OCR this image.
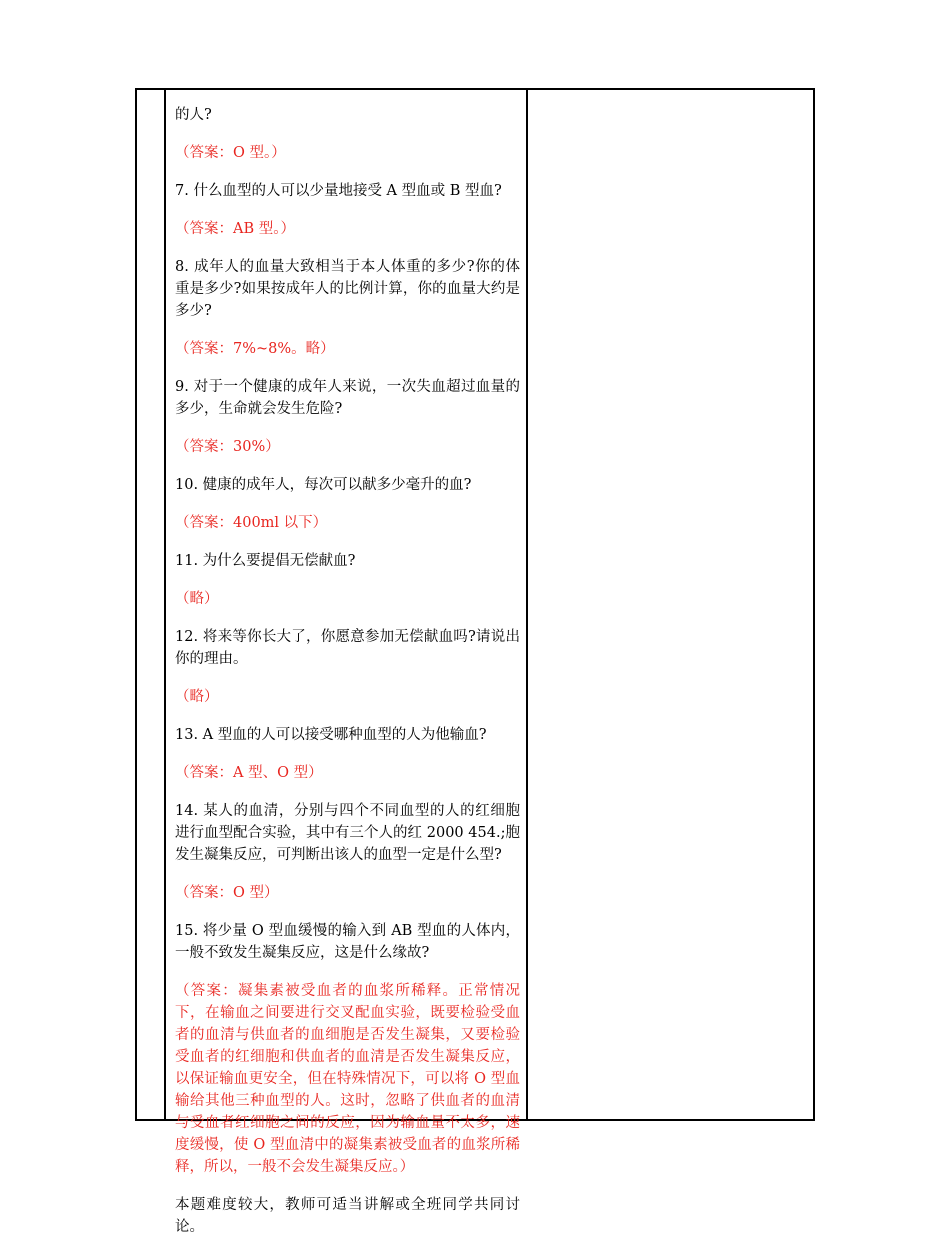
的人?

（答案：O 型。）

7. 什么血型的人可以少量地接受 A 型血或 B 型血?

（答案：AB 型。）

8. 成年人的血量大致相当于本人体重的多少?你的体重是多少?如果按成年人的比例计算，你的血量大约是多少?

（答案：7%~8%。略）

9. 对于一个健康的成年人来说，一次失血超过血量的多少，生命就会发生危险?

（答案：30%）

10. 健康的成年人，每次可以献多少毫升的血?

（答案：400ml 以下）

11. 为什么要提倡无偿献血?

（略）

12. 将来等你长大了，你愿意参加无偿献血吗?请说出你的理由。

（略）

13. A 型血的人可以接受哪种血型的人为他输血?

（答案：A 型、O 型）

14. 某人的血清，分别与四个不同血型的人的红细胞进行血型配合实验，其中有三个人的红 2000 454.;胞发生凝集反应，可判断出该人的血型一定是什么型?

（答案：O 型）

15. 将少量 O 型血缓慢的输入到 AB 型血的人体内，一般不致发生凝集反应，这是什么缘故?

（答案：凝集素被受血者的血浆所稀释。正常情况下，在输血之间要进行交叉配血实验，既要检验受血者的血清与供血者的血细胞是否发生凝集，又要检验受血者的红细胞和供血者的血清是否发生凝集反应，以保证输血更安全，但在特殊情况下，可以将 O 型血输给其他三种血型的人。这时，忽略了供血者的血清与受血者红细胞之间的反应，因为输血量不太多，速度缓慢，使 O 型血清中的凝集素被受血者的血浆所稀释，所以，一般不会发生凝集反应。）

本题难度较大，教师可适当讲解或全班同学共同讨论。
